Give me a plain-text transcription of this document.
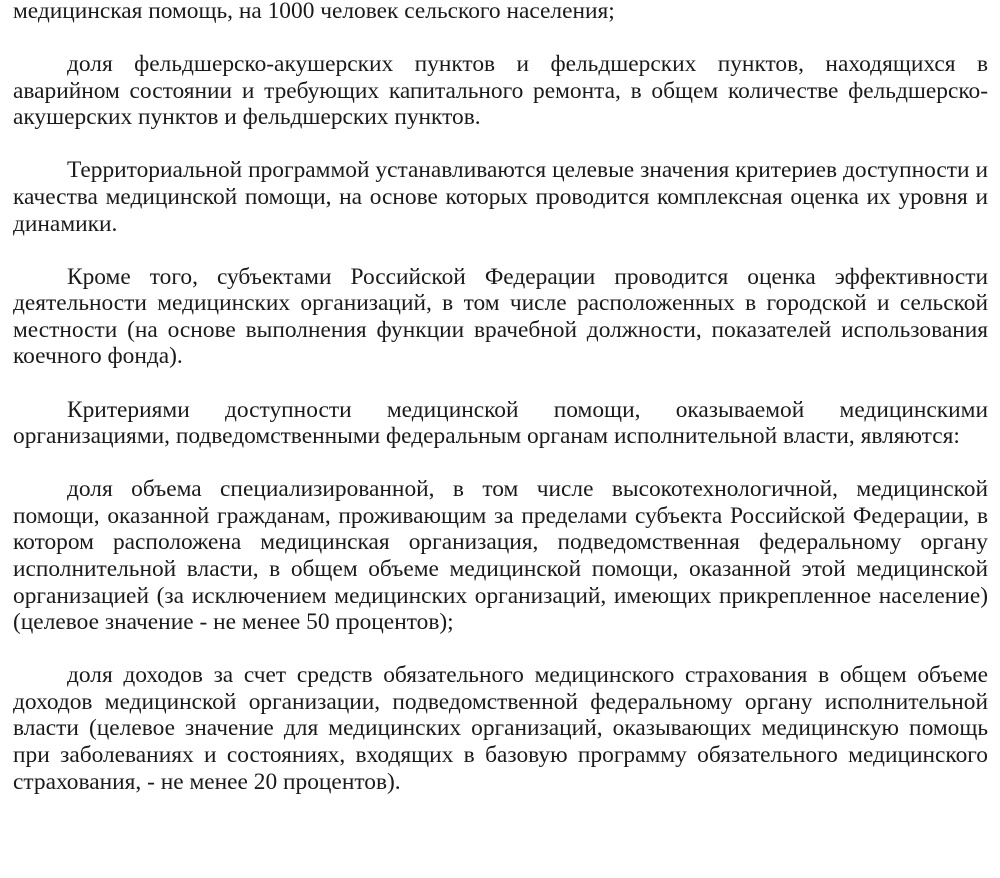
медицинская помощь, на 1000 человек сельского населения;

доля фельдшерско-акушерских пунктов и фельдшерских пунктов, находящихся в аварийном состоянии и требующих капитального ремонта, в общем количестве фельдшерско-акушерских пунктов и фельдшерских пунктов.

Территориальной программой устанавливаются целевые значения критериев доступности и качества медицинской помощи, на основе которых проводится комплексная оценка их уровня и динамики.

Кроме того, субъектами Российской Федерации проводится оценка эффективности деятельности медицинских организаций, в том числе расположенных в городской и сельской местности (на основе выполнения функции врачебной должности, показателей использования коечного фонда).

Критериями доступности медицинской помощи, оказываемой медицинскими организациями, подведомственными федеральным органам исполнительной власти, являются:

доля объема специализированной, в том числе высокотехнологичной, медицинской помощи, оказанной гражданам, проживающим за пределами субъекта Российской Федерации, в котором расположена медицинская организация, подведомственная федеральному органу исполнительной власти, в общем объеме медицинской помощи, оказанной этой медицинской организацией (за исключением медицинских организаций, имеющих прикрепленное население) (целевое значение - не менее 50 процентов);

доля доходов за счет средств обязательного медицинского страхования в общем объеме доходов медицинской организации, подведомственной федеральному органу исполнительной власти (целевое значение для медицинских организаций, оказывающих медицинскую помощь при заболеваниях и состояниях, входящих в базовую программу обязательного медицинского страхования, - не менее 20 процентов).
